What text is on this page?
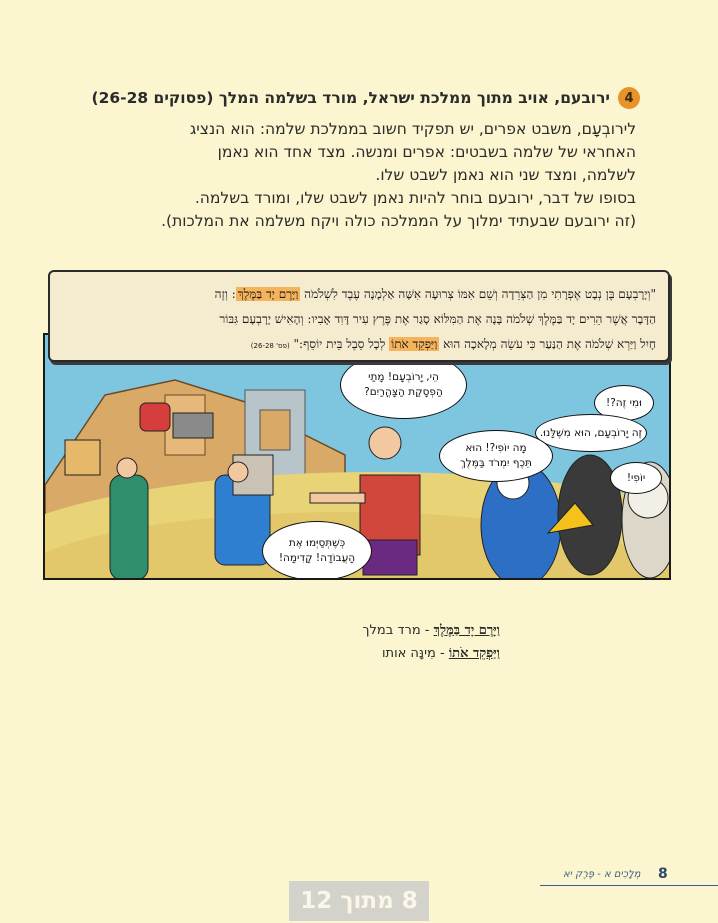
4
ירובעם, אויב מתוך ממלכת ישראל, מורד בשלמה המלך (פסוקים 26-28)
לירובְעָם, משבט אפרים, יש תפקיד חשוב בממלכת שלמה: הוא הנציג
האחראי של שלמה בשבטים: אפרים ומנשה. מצד אחד הוא נאמן
לשלמה, ומצד שני הוא נאמן לשבט שלו.
בסופו של דבר, ירובעם בוחר להיות נאמן לשבט שלו, ומורד בשלמה.
(זה ירובעם שבעתיד ימלוך על הממלכה כולה ויקח משלמה את המלכות).
הֵי, יָרוֹבְעָם! מָתַי
הַפְסָקַת הַצָּהֳרַיִם?
כְּשֶׁתְּסַיְּמוּ אֶת
הָעֲבוֹדָה! קָדִימָה!
וּמִי זֶה?!
זֶה יָרוֹבְעָם, הוּא מִשֶּׁלָּנוּ.
יוֹפִי!
מָה יוֹפִי?! הוּא
תֵּכֶף יִמְרֹד בַּמֶּלֶךְ
"וְיָרָבְעָם בֶּן נְבָט אֶפְרָתִי מִן הַצְּרֵדָה וְשֵׁם אִמּוֹ צְרוּעָה אִשָּׁה אַלְמָנָה עֶבֶד לִשְׁלֹמֹה וַיָּרֶם יָד בַּמֶּלֶךְ: וְזֶה
הַדָּבָר אֲשֶׁר הֵרִים יָד בַּמֶּלֶךְ שְׁלֹמֹה בָּנָה אֶת הַמִּלּוֹא סָגַר אֶת פֶּרֶץ עִיר דָּוִד אָבִיו: וְהָאִישׁ יָרָבְעָם גִּבּוֹר
חָיִל וַיַּרְא שְׁלֹמֹה אֶת הַנַּעַר כִּי עֹשֵׂה מְלָאכָה הוּא וַיַּפְקֵד אֹתוֹ לְכָל סֵבֶל בֵּית יוֹסֵף:" (פס' 26-28)
וַיָּרֶם יָד בַּמֶּלֶךְ - מרד במלך
וַיַּפְקֵד אֹתוֹ - מִינָּה אותו
מְלָכִים א - פֶּרֶק יא 8
8 מתוך 12
